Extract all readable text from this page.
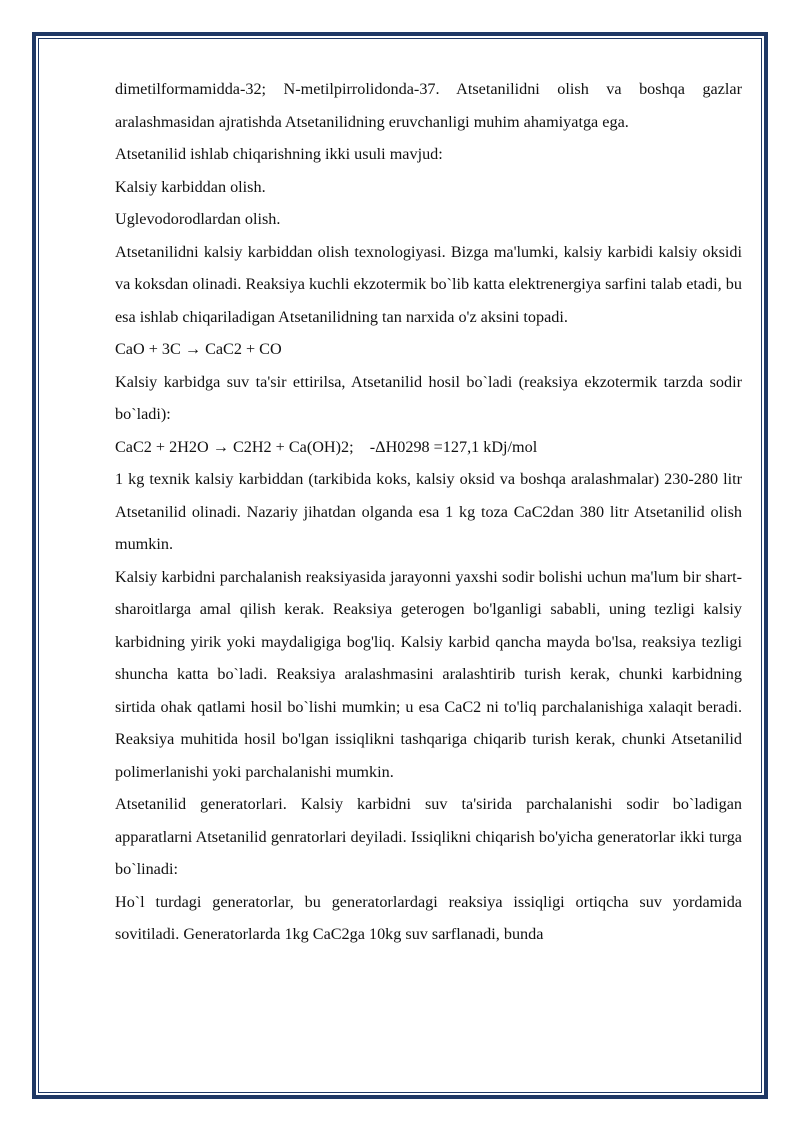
dimetilformamidda-32; N-metilpirrolidonda-37. Atsetanilidni olish va boshqa gazlar aralashmasidan ajratishda Atsetanilidning eruvchanligi muhim ahamiyatga ega.

Atsetanilid ishlab chiqarishning ikki usuli mavjud:

Kalsiy karbiddan olish.

Uglevodorodlardan olish.

Atsetanilidni kalsiy karbiddan olish texnologiyasi. Bizga ma'lumki, kalsiy karbidi kalsiy oksidi va koksdan olinadi. Reaksiya kuchli ekzotermik bo`lib katta elektrenergiya sarfini talab etadi, bu esa ishlab chiqariladigan Atsetanilidning tan narxida o'z aksini topadi.

CaO + 3C → CaC2 + CO

Kalsiy karbidga suv ta'sir ettirilsa, Atsetanilid hosil bo`ladi (reaksiya ekzotermik tarzda sodir bo`ladi):

CaC2 + 2H2O → C2H2 + Ca(OH)2;    -ΔH0298 =127,1 kDj/mol

1 kg texnik kalsiy karbiddan (tarkibida koks, kalsiy oksid va boshqa aralashmalar) 230-280 litr Atsetanilid olinadi. Nazariy jihatdan olganda esa 1 kg toza CaC2dan 380 litr Atsetanilid olish mumkin.

Kalsiy karbidni parchalanish reaksiyasida jarayonni yaxshi sodir bolishi uchun ma'lum bir shart-sharoitlarga amal qilish kerak. Reaksiya geterogen bo'lganligi sababli, uning tezligi kalsiy karbidning yirik yoki maydaligiga bog'liq. Kalsiy karbid qancha mayda bo'lsa, reaksiya tezligi shuncha katta bo`ladi. Reaksiya aralashmasini aralashtirib turish kerak, chunki karbidning sirtida ohak qatlami hosil bo`lishi mumkin; u esa CaC2 ni to'liq parchalanishiga xalaqit beradi. Reaksiya muhitida hosil bo'lgan issiqlikni tashqariga chiqarib turish kerak, chunki Atsetanilid polimerlanishi yoki parchalanishi mumkin.

Atsetanilid generatorlari. Kalsiy karbidni suv ta'sirida parchalanishi sodir bo`ladigan apparatlarni Atsetanilid genratorlari deyiladi. Issiqlikni chiqarish bo'yicha generatorlar ikki turga bo`linadi:

Ho`l turdagi generatorlar, bu generatorlardagi reaksiya issiqligi ortiqcha suv yordamida sovitiladi. Generatorlarda 1kg CaC2ga 10kg suv sarflanadi, bunda
